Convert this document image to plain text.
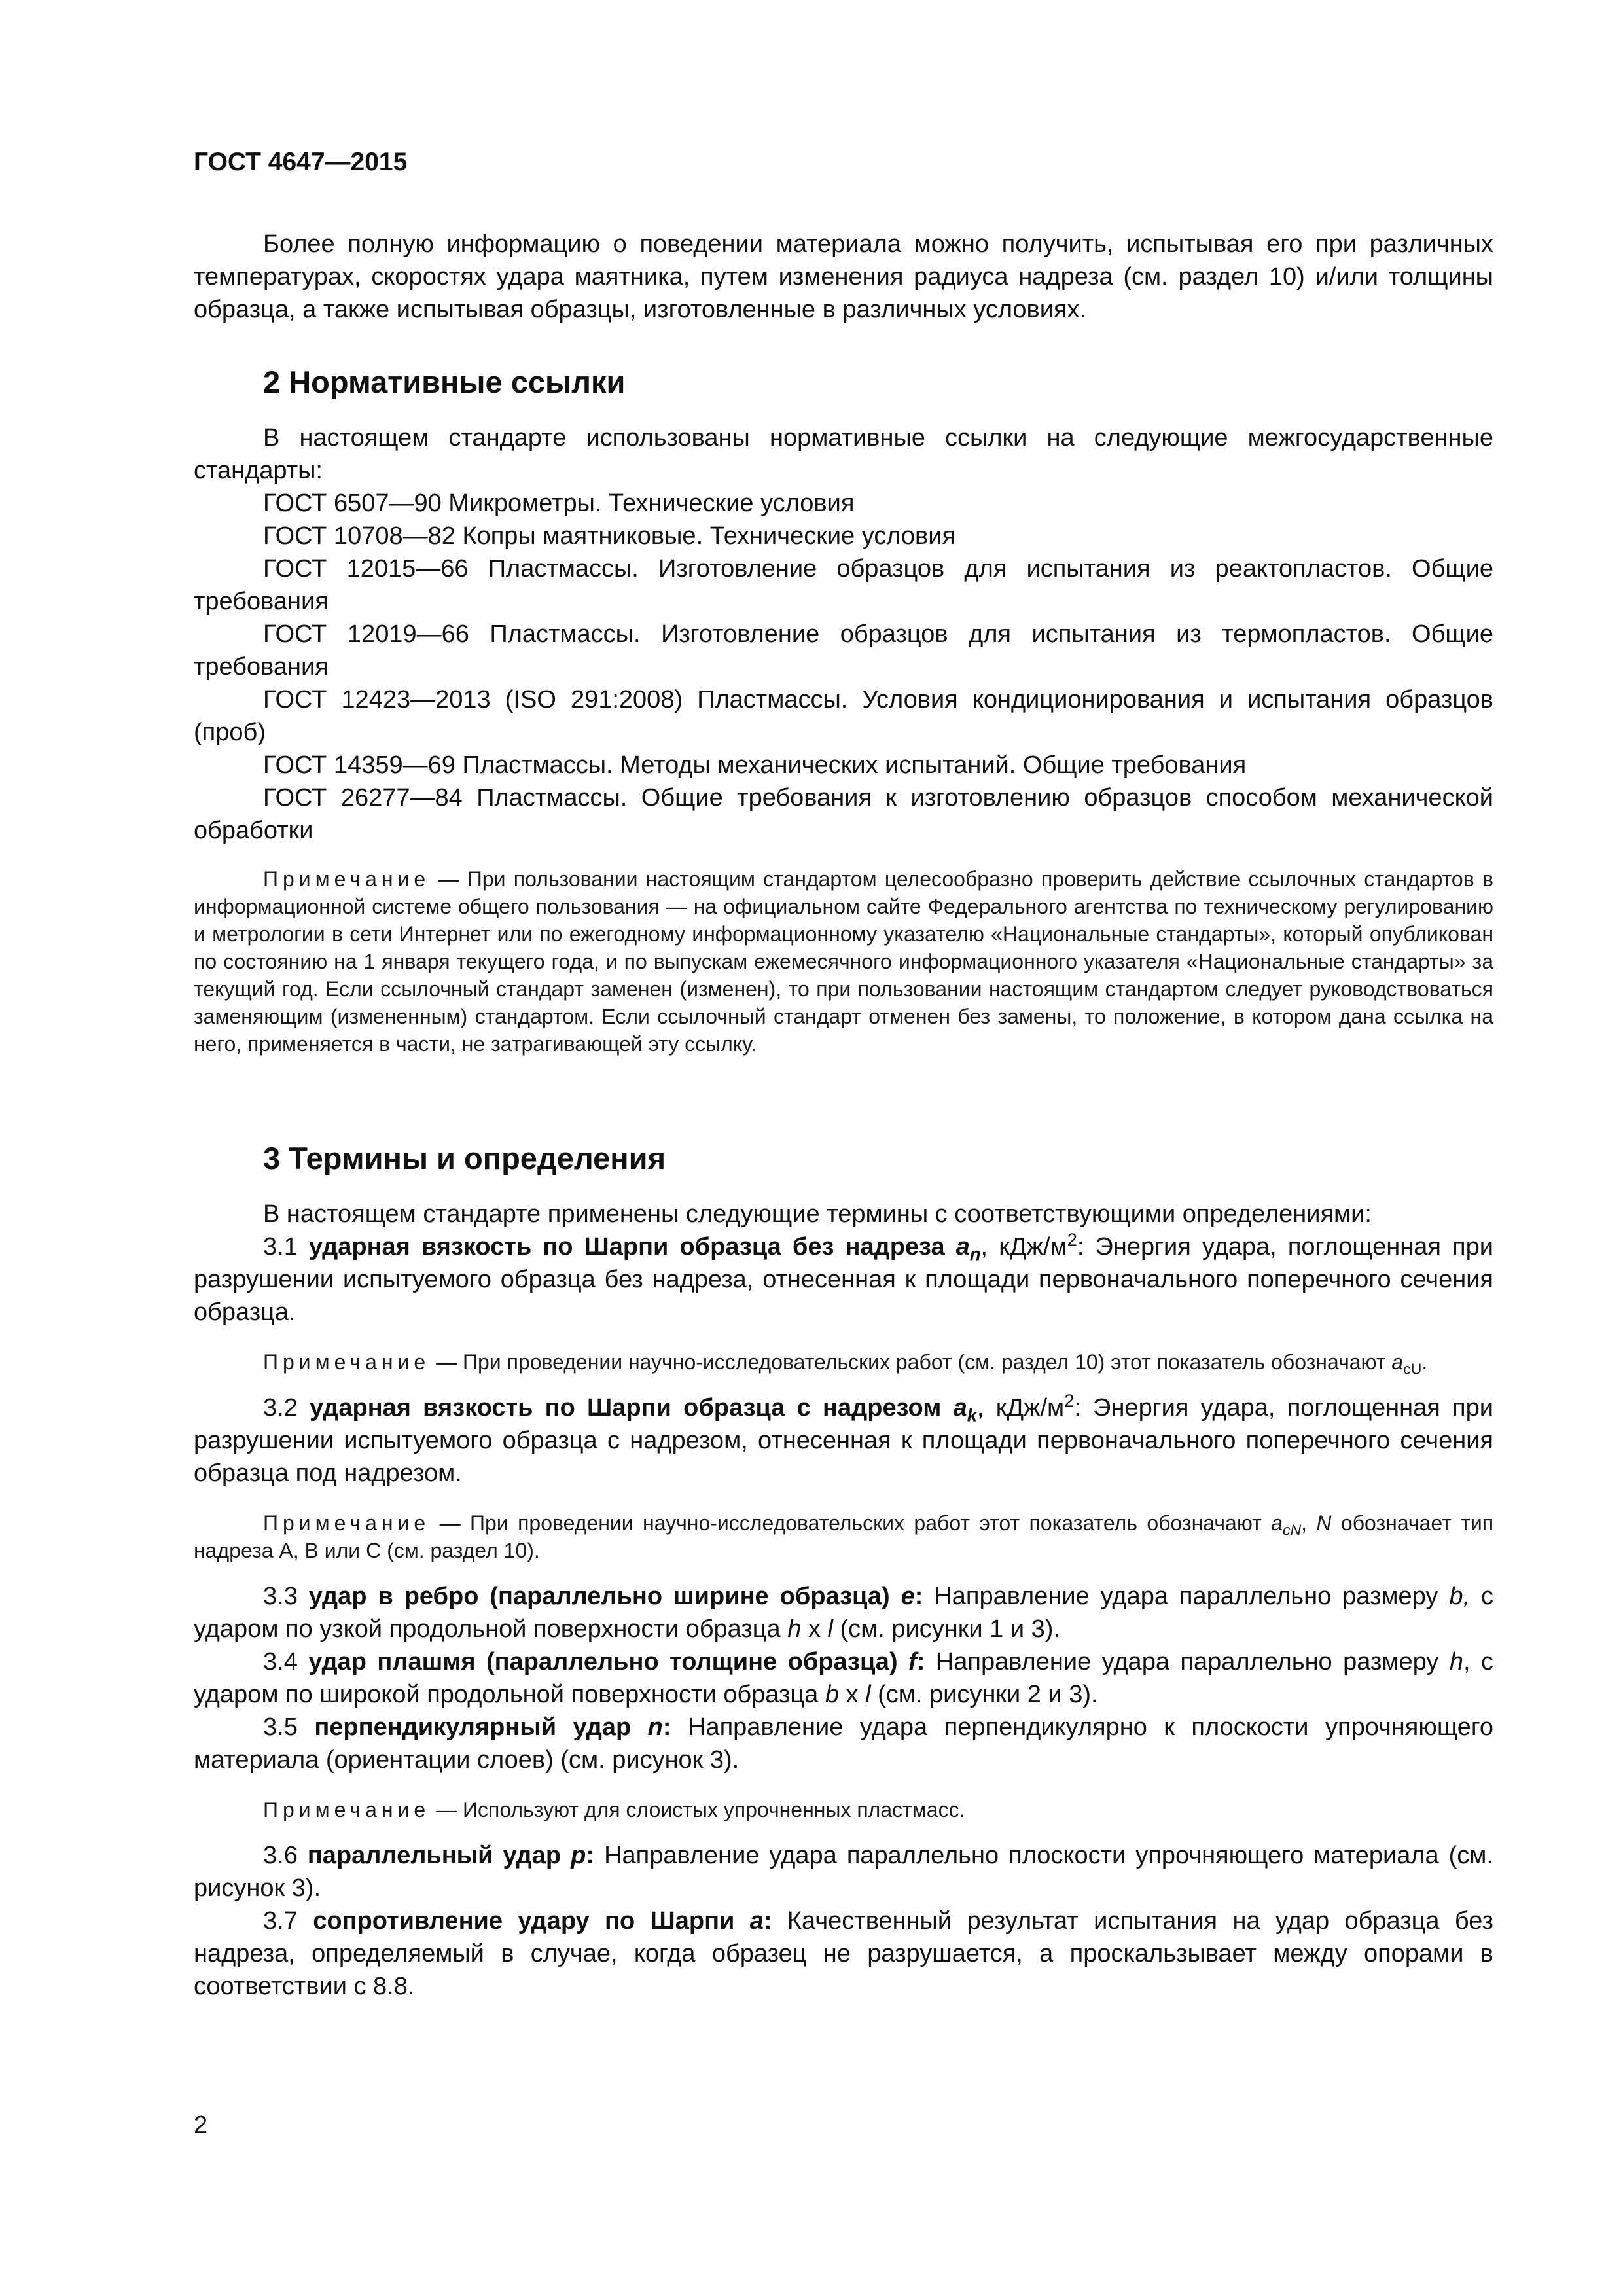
ГОСТ 4647—2015

Более полную информацию о поведении материала можно получить, испытывая его при различных температурах, скоростях удара маятника, путем изменения радиуса надреза (см. раздел 10) и/или толщины образца, а также испытывая образцы, изготовленные в различных условиях.

2 Нормативные ссылки

В настоящем стандарте использованы нормативные ссылки на следующие межгосударственные стандарты:

ГОСТ 6507—90 Микрометры. Технические условия

ГОСТ 10708—82 Копры маятниковые. Технические условия

ГОСТ 12015—66 Пластмассы. Изготовление образцов для испытания из реактопластов. Общие требования

ГОСТ 12019—66 Пластмассы. Изготовление образцов для испытания из термопластов. Общие требования

ГОСТ 12423—2013 (ISO 291:2008) Пластмассы. Условия кондиционирования и испытания образцов (проб)

ГОСТ 14359—69 Пластмассы. Методы механических испытаний. Общие требования

ГОСТ 26277—84 Пластмассы. Общие требования к изготовлению образцов способом механической обработки

Примечание — При пользовании настоящим стандартом целесообразно проверить действие ссылочных стандартов в информационной системе общего пользования — на официальном сайте Федерального агентства по техническому регулированию и метрологии в сети Интернет или по ежегодному информационному указателю «Национальные стандарты», который опубликован по состоянию на 1 января текущего года, и по выпускам ежемесячного информационного указателя «Национальные стандарты» за текущий год. Если ссылочный стандарт заменен (изменен), то при пользовании настоящим стандартом следует руководствоваться заменяющим (измененным) стандартом. Если ссылочный стандарт отменен без замены, то положение, в котором дана ссылка на него, применяется в части, не затрагивающей эту ссылку.

3 Термины и определения

В настоящем стандарте применены следующие термины с соответствующими определениями:

3.1 ударная вязкость по Шарпи образца без надреза $a_n$, кДж/$м^2$: Энергия удара, поглощенная при разрушении испытуемого образца без надреза, отнесенная к площади первоначального поперечного сечения образца.

Примечание — При проведении научно-исследовательских работ (см. раздел 10) этот показатель обозначают $a_{cU}$.

3.2 ударная вязкость по Шарпи образца с надрезом $a_k$, кДж/$м^2$: Энергия удара, поглощенная при разрушении испытуемого образца с надрезом, отнесенная к площади первоначального поперечного сечения образца под надрезом.

Примечание — При проведении научно-исследовательских работ этот показатель обозначают $a_{cN}$, N обозначает тип надреза А, В или С (см. раздел 10).

3.3 удар в ребро (параллельно ширине образца) e: Направление удара параллельно размеру b, с ударом по узкой продольной поверхности образца h x l (см. рисунки 1 и 3).

3.4 удар плашмя (параллельно толщине образца) f: Направление удара параллельно размеру h, с ударом по широкой продольной поверхности образца b x l (см. рисунки 2 и 3).

3.5 перпендикулярный удар n: Направление удара перпендикулярно к плоскости упрочняющего материала (ориентации слоев) (см. рисунок 3).

Примечание — Используют для слоистых упрочненных пластмасс.

3.6 параллельный удар p: Направление удара параллельно плоскости упрочняющего материала (см. рисунок 3).

3.7 сопротивление удару по Шарпи a: Качественный результат испытания на удар образца без надреза, определяемый в случае, когда образец не разрушается, а проскальзывает между опорами в соответствии с 8.8.

2
